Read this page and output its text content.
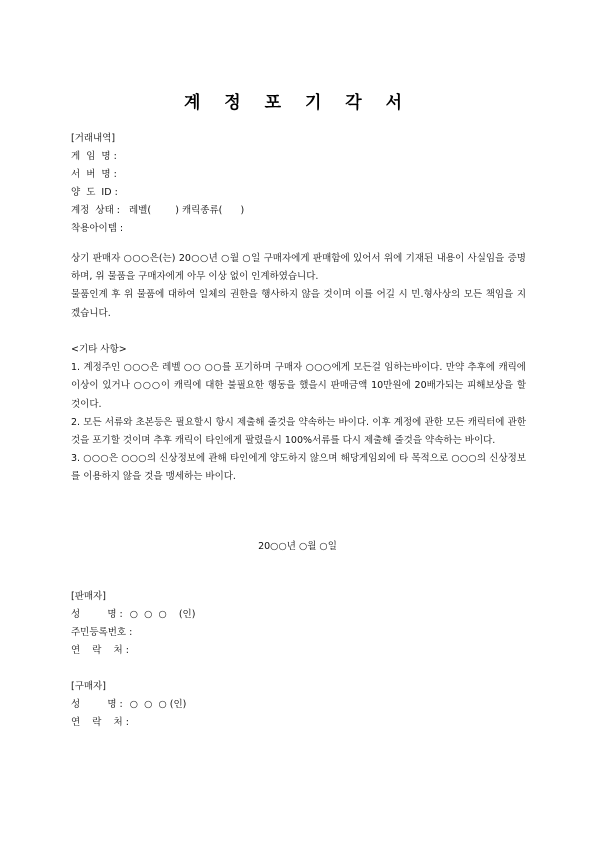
계 정 포 기 각 서
[거래내역]
게  임  명 :
서  버  명 :
양  도  ID :
계정  상태 : 레벨(        ) 캐릭종류(      )
착용아이템 :

상기 판매자 ○○○은(는) 20○○년 ○월 ○일 구매자에게 판매함에 있어서 위에 기재된 내용이 사실임을 증명하며, 위 물품을 구매자에게 아무 이상 없이 인계하였습니다.

물품인계 후 위 물품에 대하여 일체의 권한을 행사하지 않을 것이며 이를 어길 시 민.형사상의 모든 책임을 지겠습니다.

<기타 사항>

1. 계정주인 ○○○은 레벨 ○○ ○○를 포기하며 구매자 ○○○에게 모든걸 임하는바이다. 만약 추후에 캐릭에 이상이 있거나 ○○○이 캐릭에 대한 불필요한 행동을 했을시 판매금액 10만원에 20배가되는 피해보상을 할 것이다.

2. 모든 서류와 초본등은 필요할시 항시 제출해 줄것을 약속하는 바이다. 이후 계정에 관한 모든 캐릭터에 관한 것을 포기할 것이며 추후 캐릭이 타인에게 팔렸을시 100%서류를 다시 제출해 줄것을 약속하는 바이다.

3. ○○○은 ○○○의 신상정보에 관해 타인에게 양도하지 않으며 해당게임외에 타 목적으로 ○○○의 신상정보를 이용하지 않을 것을 맹세하는 바이다.

20○○년 ○월 ○일
[판매자]
성         명 : ○  ○  ○    (인)
주민등록번호 :
연    락    처 :
[구매자]
성         명 : ○  ○  ○ (인)
연    락    처 :
